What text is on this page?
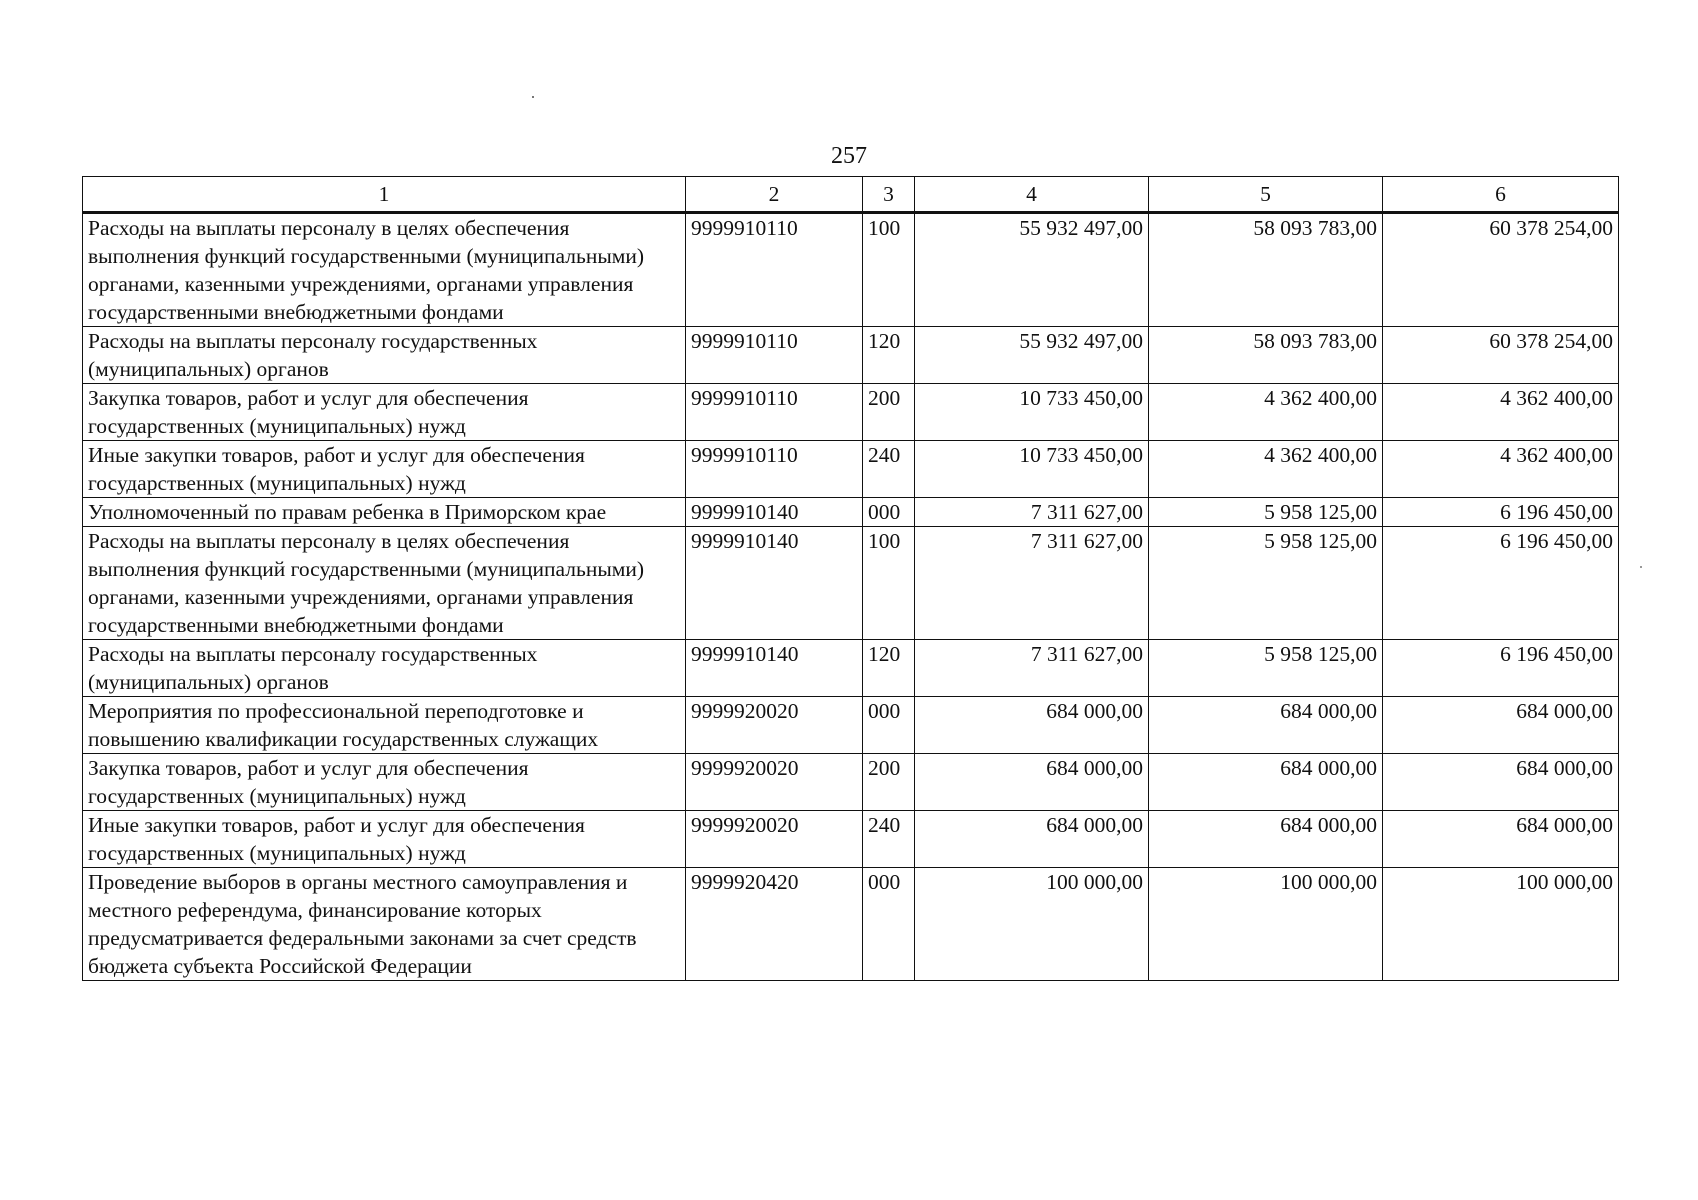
257
1	2	3	4	5	6
Расходы на выплаты персоналу в целях обеспечения выполнения функций государственными (муниципальными) органами, казенными учреждениями, органами управления государственными внебюджетными фондами	9999910110	100	55 932 497,00	58 093 783,00	60 378 254,00
Расходы на выплаты персоналу государственных (муниципальных) органов	9999910110	120	55 932 497,00	58 093 783,00	60 378 254,00
Закупка товаров, работ и услуг для обеспечения государственных (муниципальных) нужд	9999910110	200	10 733 450,00	4 362 400,00	4 362 400,00
Иные закупки товаров, работ и услуг для обеспечения государственных (муниципальных) нужд	9999910110	240	10 733 450,00	4 362 400,00	4 362 400,00
Уполномоченный по правам ребенка в Приморском крае	9999910140	000	7 311 627,00	5 958 125,00	6 196 450,00
Расходы на выплаты персоналу в целях обеспечения выполнения функций государственными (муниципальными) органами, казенными учреждениями, органами управления государственными внебюджетными фондами	9999910140	100	7 311 627,00	5 958 125,00	6 196 450,00
Расходы на выплаты персоналу государственных (муниципальных) органов	9999910140	120	7 311 627,00	5 958 125,00	6 196 450,00
Мероприятия по профессиональной переподготовке и повышению квалификации государственных служащих	9999920020	000	684 000,00	684 000,00	684 000,00
Закупка товаров, работ и услуг для обеспечения государственных (муниципальных) нужд	9999920020	200	684 000,00	684 000,00	684 000,00
Иные закупки товаров, работ и услуг для обеспечения государственных (муниципальных) нужд	9999920020	240	684 000,00	684 000,00	684 000,00
Проведение выборов в органы местного самоуправления и местного референдума, финансирование которых предусматривается федеральными законами за счет средств бюджета субъекта Российской Федерации	9999920420	000	100 000,00	100 000,00	100 000,00
